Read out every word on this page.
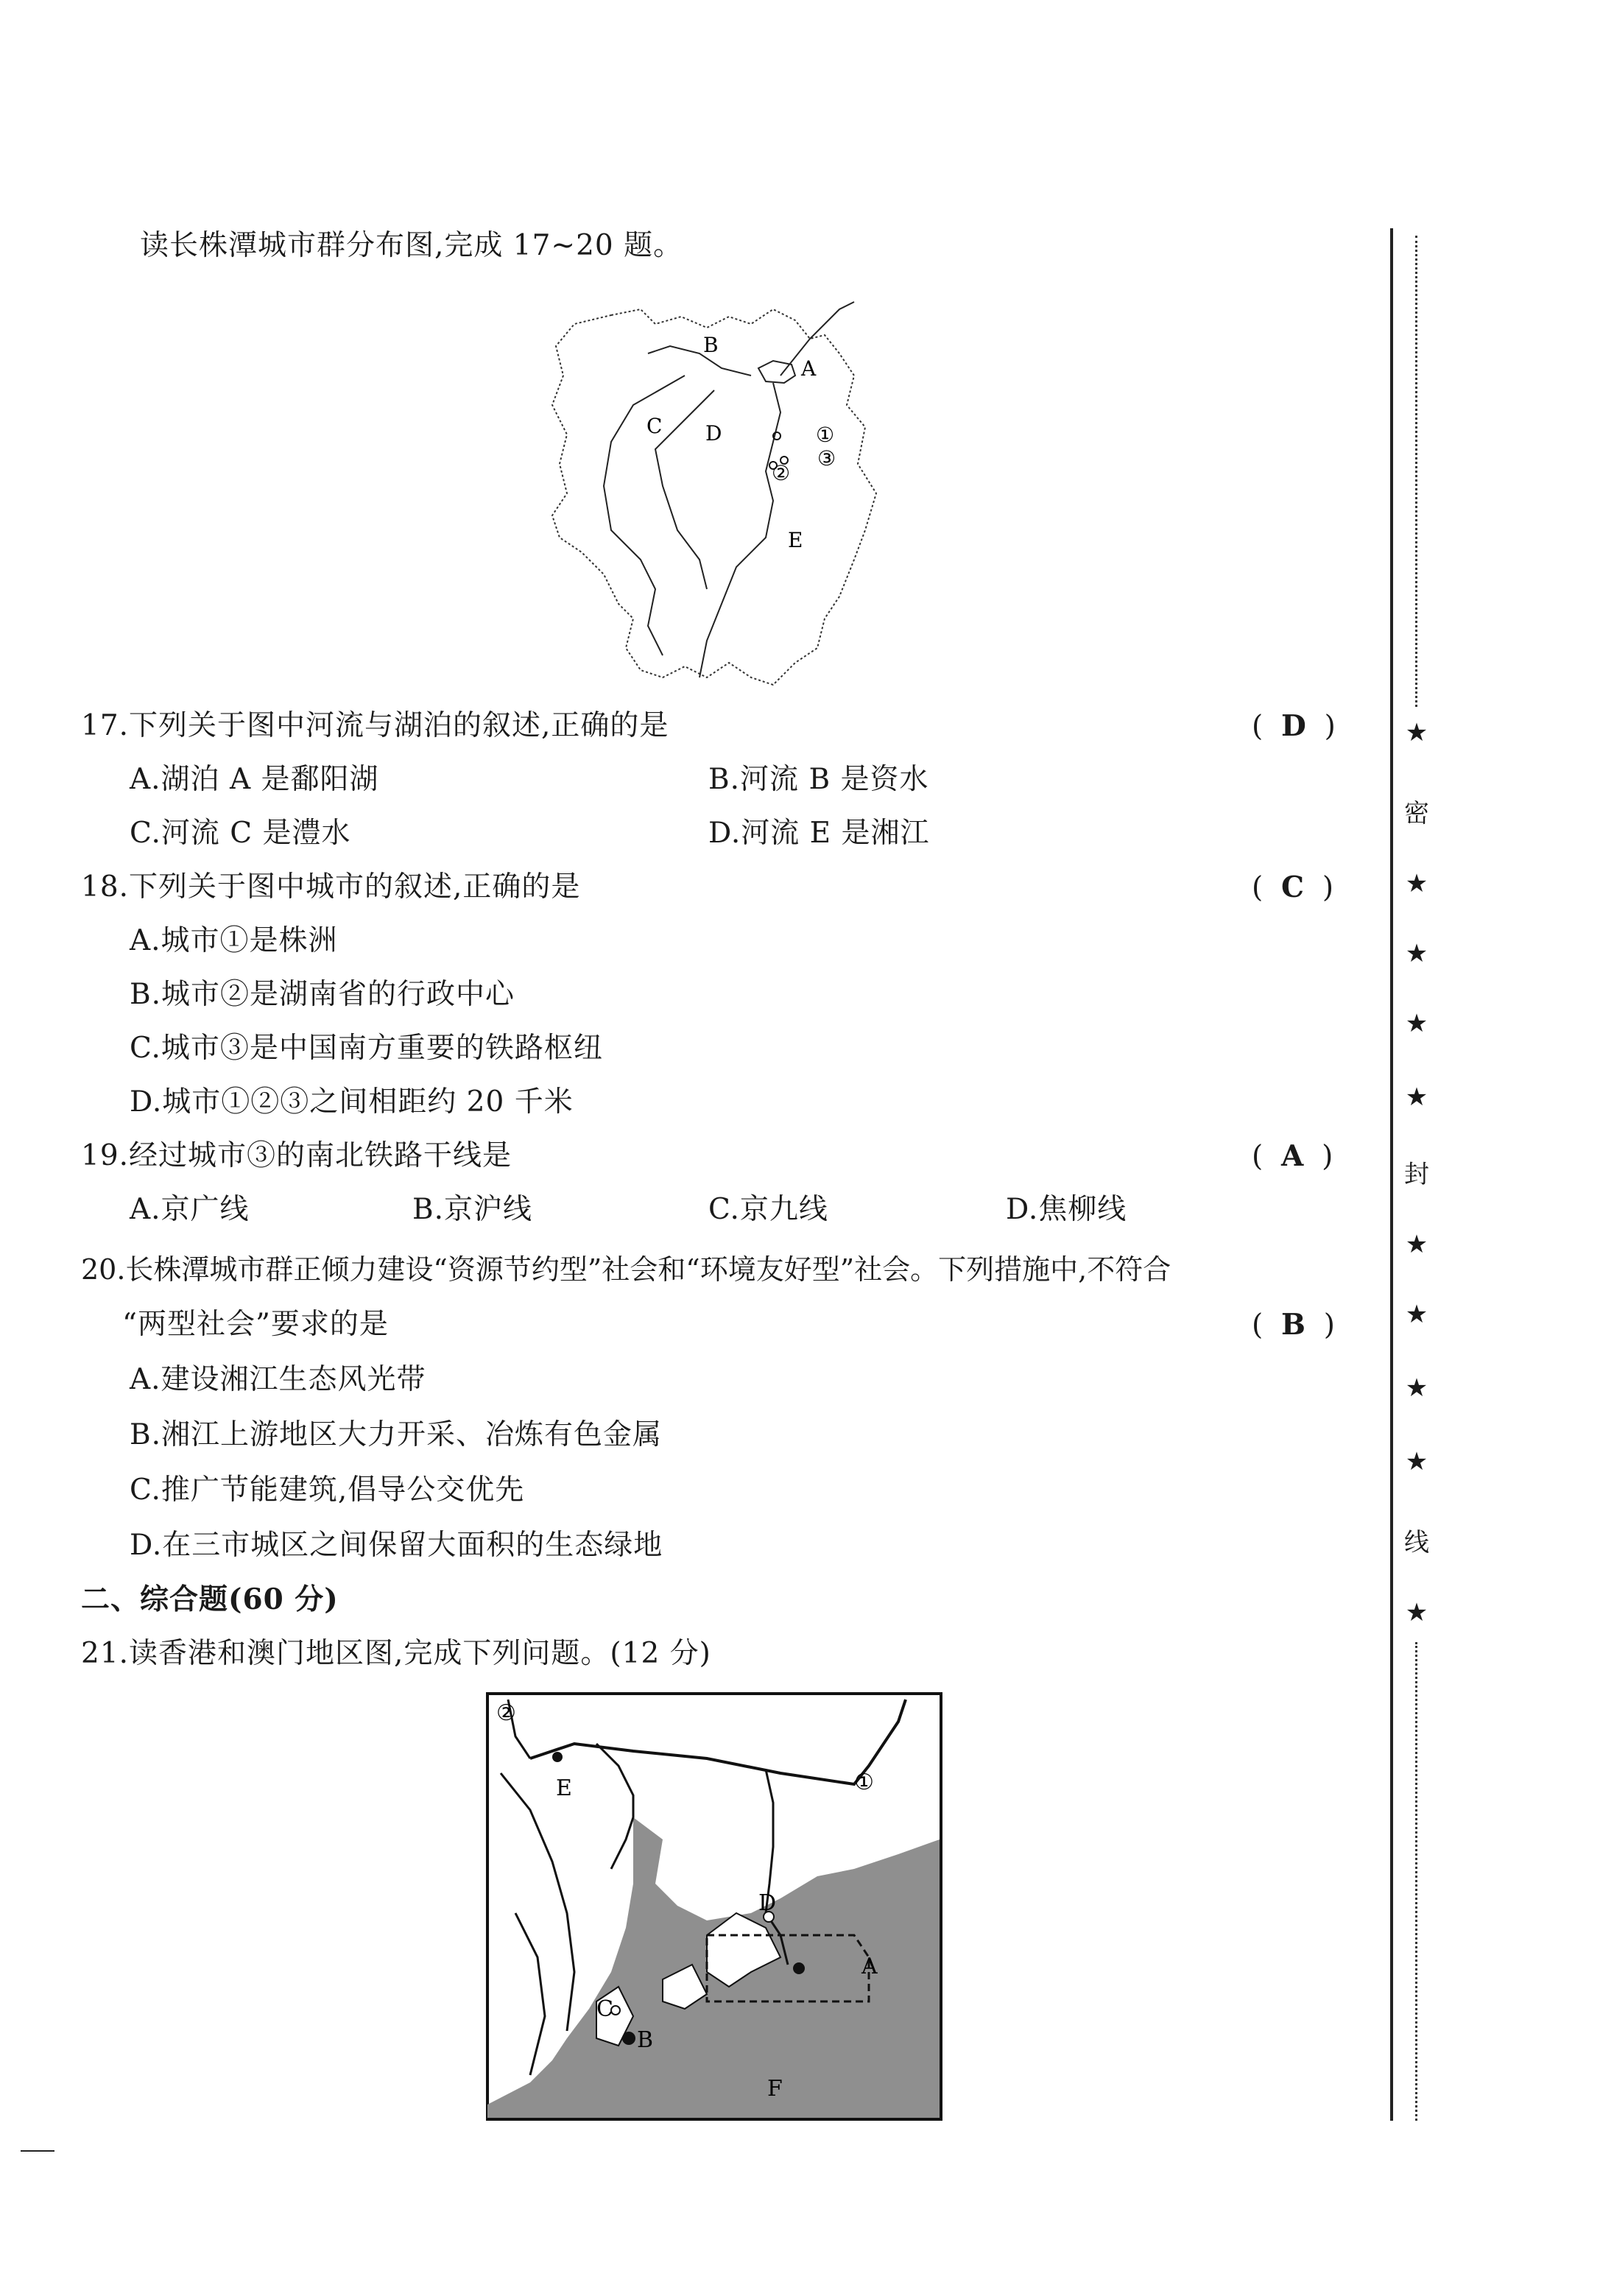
读长株潭城市群分布图,完成 17~20 题。
A
B
C D
E
①
②
③
17.下列关于图中河流与湖泊的叙述,正确的是	(  D  )
A.湖泊 A 是鄱阳湖	B.河流 B 是资水
C.河流 C 是澧水	D.河流 E 是湘江
18.下列关于图中城市的叙述,正确的是	(  C  )
A.城市①是株洲
B.城市②是湖南省的行政中心
C.城市③是中国南方重要的铁路枢纽
D.城市①②③之间相距约 20 千米
19.经过城市③的南北铁路干线是	(  A  )
A.京广线	B.京沪线	C.京九线	D.焦柳线
20.长株潭城市群正倾力建设“资源节约型”社会和“环境友好型”社会。下列措施中,不符合
“两型社会”要求的是	(  B  )
A.建设湘江生态风光带
B.湘江上游地区大力开采、冶炼有色金属
C.推广节能建筑,倡导公交优先
D.在三市城区之间保留大面积的生态绿地
二、综合题(60 分)
21.读香港和澳门地区图,完成下列问题。(12 分)
A
B
C
D
E
F
①
②
★
密
★
★
★
★
封
★
★
★
★
线
★
